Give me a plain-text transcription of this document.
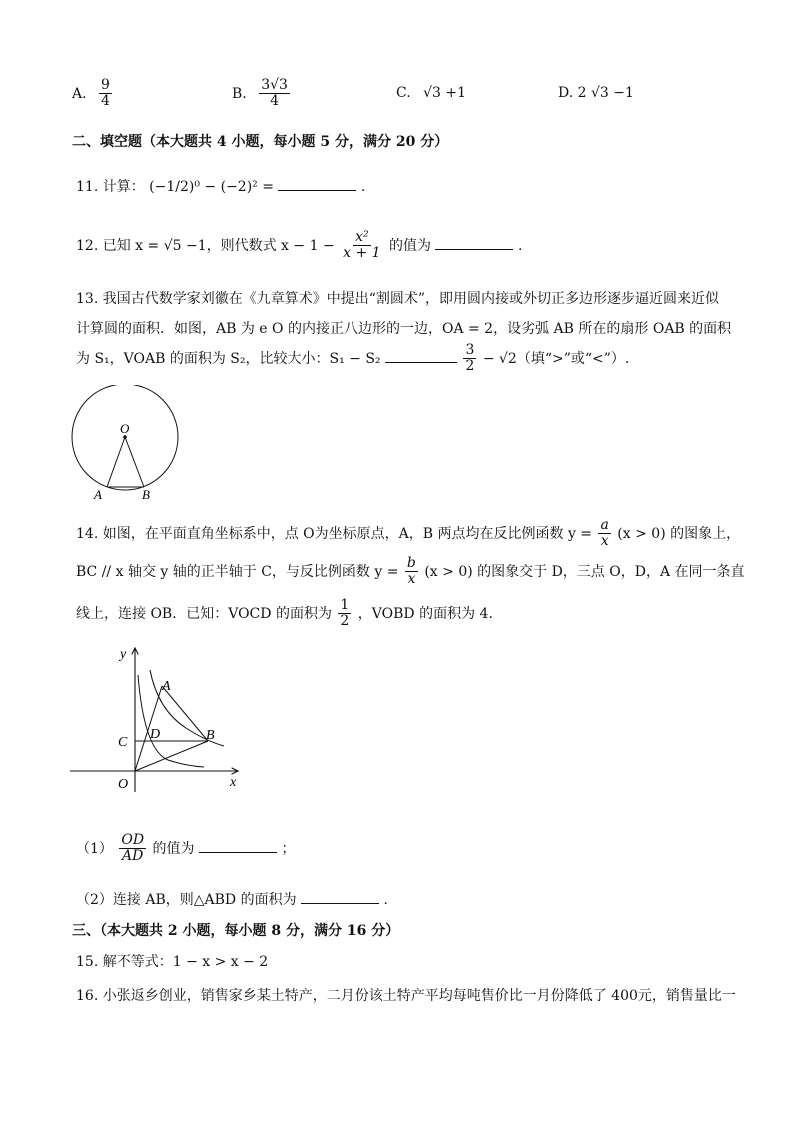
A. $\frac{9}{4}$	B. $\frac{3√3}{4}$	C. √3 +1	D. 2 √3 −1
二、填空题（本大题共 4 小题，每小题 5 分，满分 20 分）
11. 计算： (−1/2)⁰ − (−2)² =	.
12. 已知 x = √5 −1，则代数式 $x - 1 - \frac{\text{x²}}{x + 1}$ 的值为	.
13. 我国古代数学家刘徽在《九章算术》中提出“割圆术”，即用圆内接或外切正多边形逐步逼近圆来近似
计算圆的面积．如图，AB 为 e O 的内接正八边形的一边，OA = 2，设劣弧 AB 所在的扇形 OAB 的面积
为 S₁，VOAB 的面积为 S₂，比较大小：S₁ − S₂	$\frac{3}{2} - √2$（填“>”或“<”）.
O
A	B
14. 如图，在平面直角坐标系中，点 O为坐标原点，A，B 两点均在反比例函数 $y = \frac{a}{x} (x > 0)$ 的图象上，
BC // x 轴交 y 轴的正半轴于 C，与反比例函数 $y = \frac{b}{x} (x > 0)$ 的图象交于 D，三点 O，D，A 在同一条直
线上，连接 OB．已知：VOCD 的面积为 $\frac{1}{2}$ ，VOBD 的面积为 4．
y
x
O
C
D
A
B
$(1) \frac{OD}{AD}$ 的值为	；
（2）连接 AB，则△ABD 的面积为	.
三、（本大题共 2 小题，每小题 8 分，满分 16 分）
15. 解不等式：1 − x > x − 2
16. 小张返乡创业，销售家乡某土特产，二月份该土特产平均每吨售价比一月份降低了 400元，销售量比一
